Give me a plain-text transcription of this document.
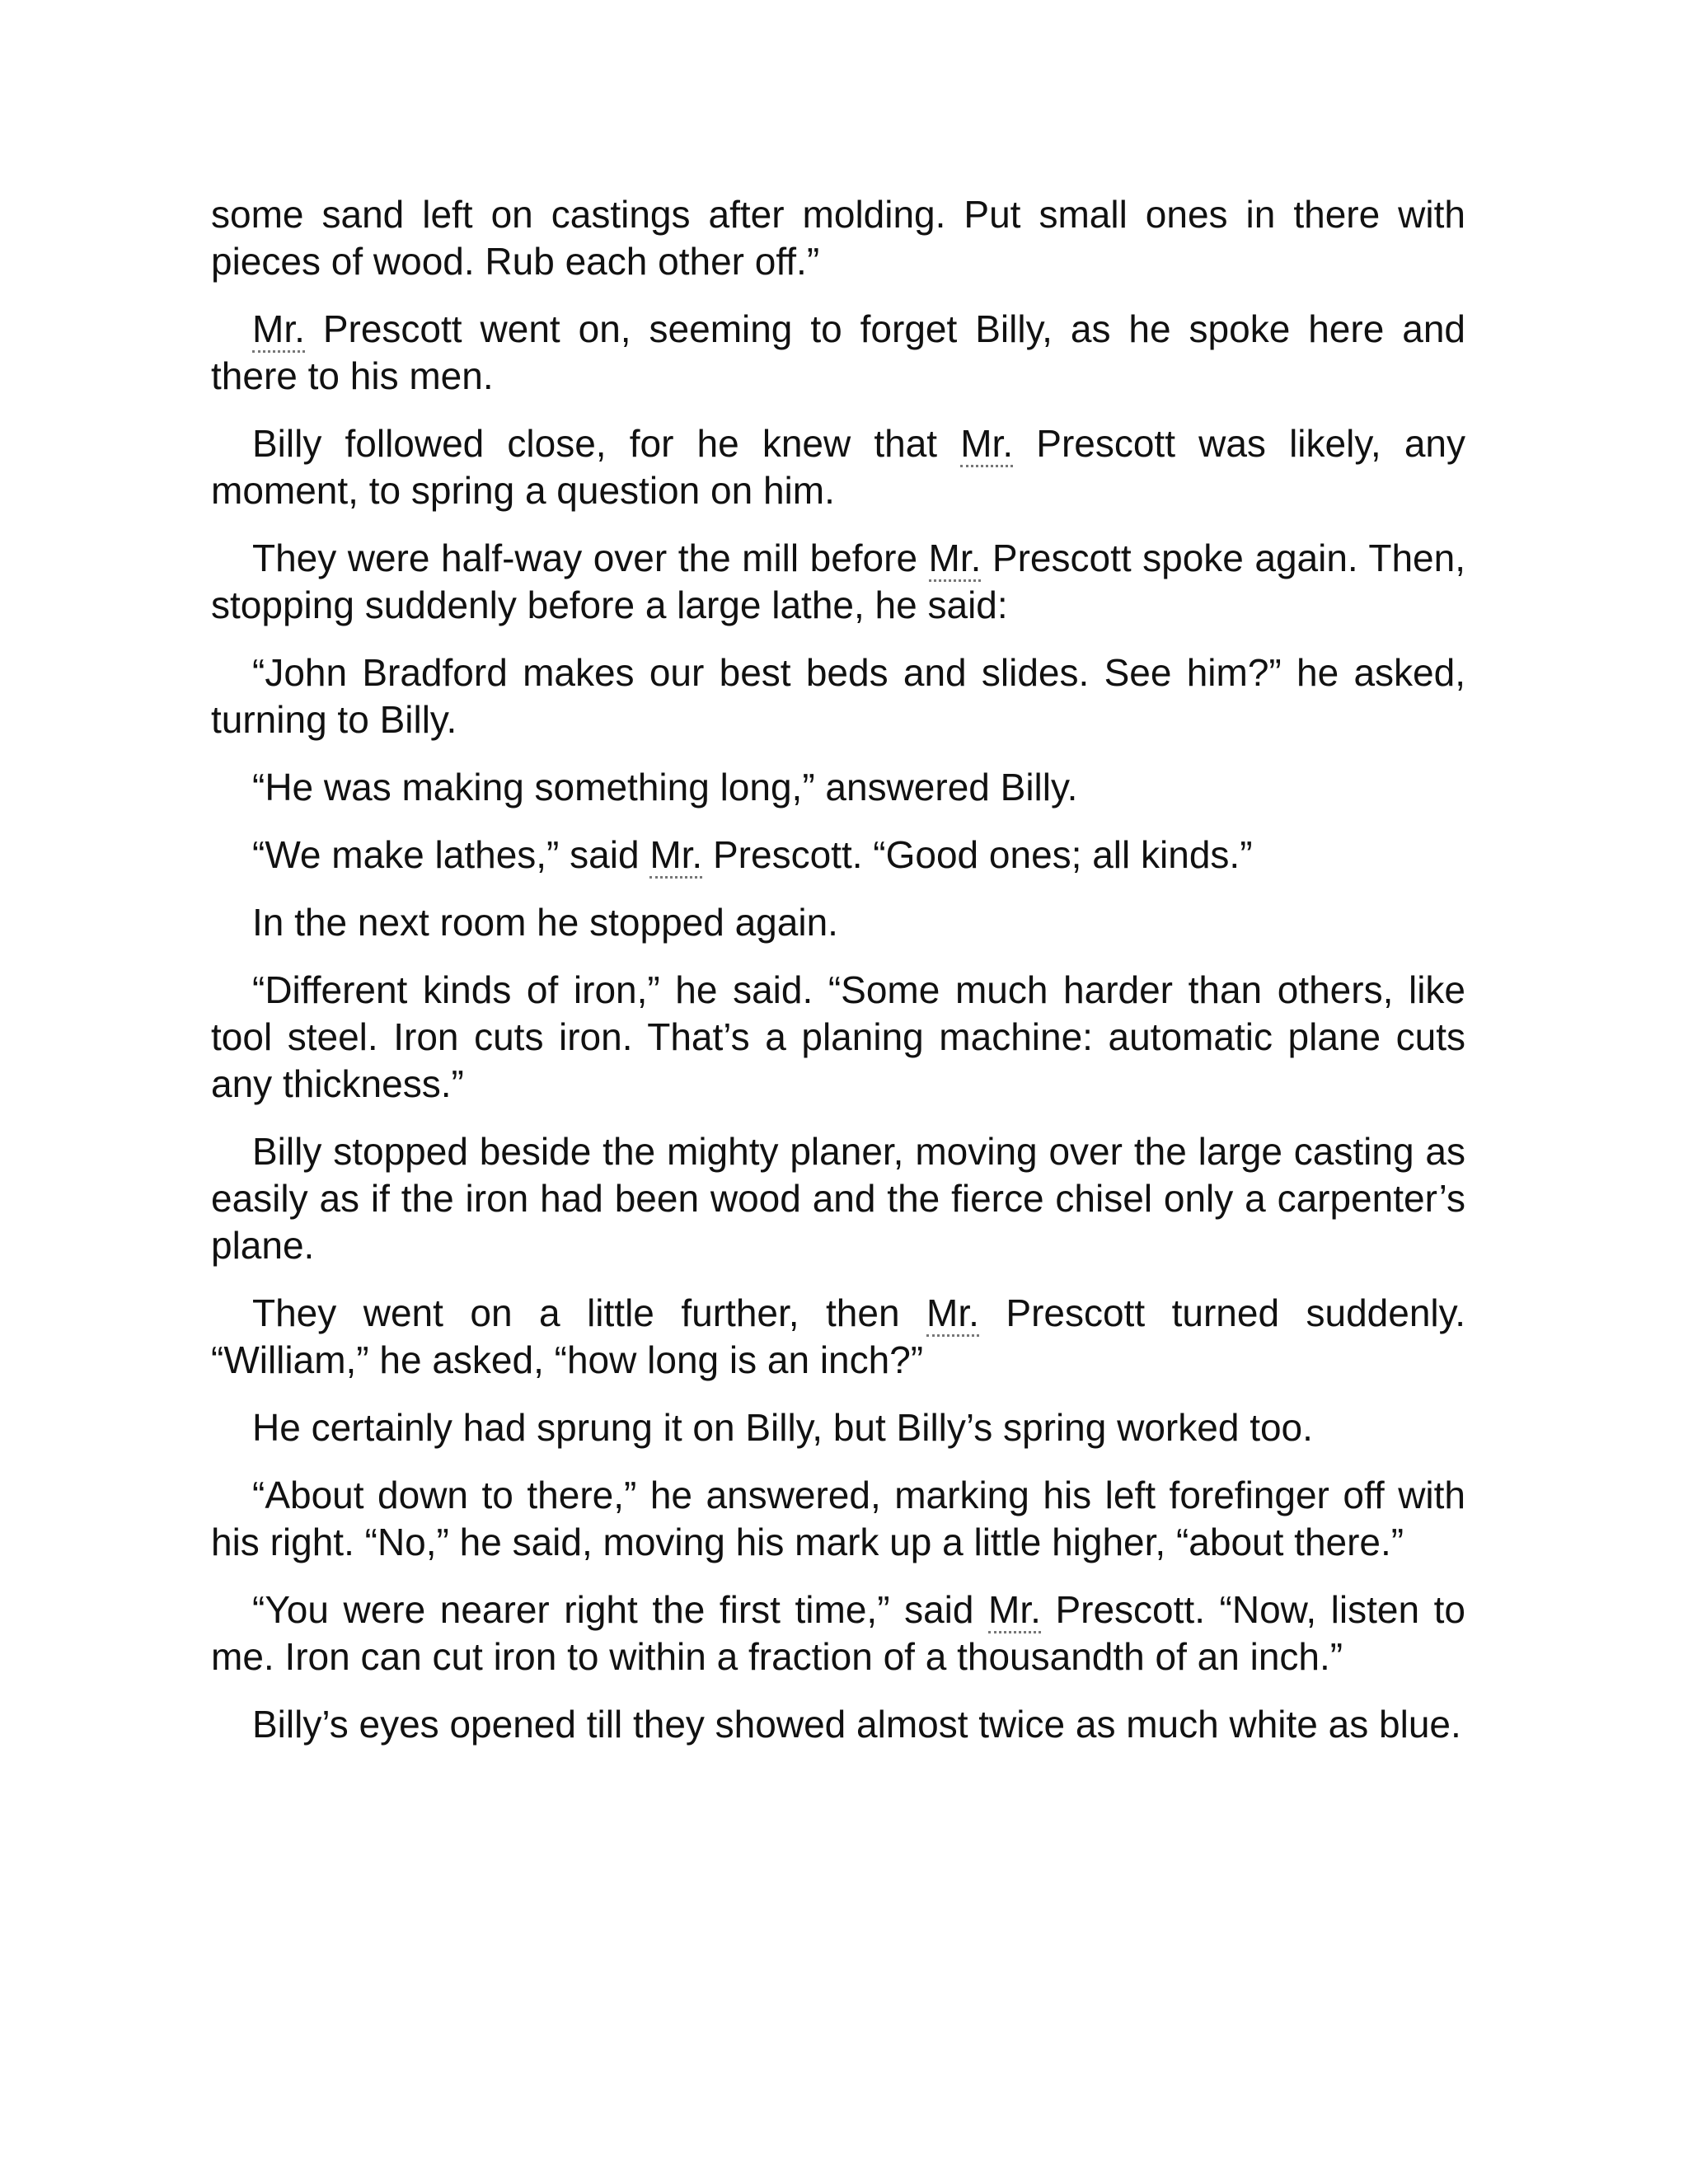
some sand left on castings after molding. Put small ones in there with pieces of wood. Rub each other off.”

Mr. Prescott went on, seeming to forget Billy, as he spoke here and there to his men.

Billy followed close, for he knew that Mr. Prescott was likely, any moment, to spring a question on him.

They were half-way over the mill before Mr. Prescott spoke again. Then, stopping suddenly before a large lathe, he said:

“John Bradford makes our best beds and slides. See him?” he asked, turning to Billy.

“He was making something long,” answered Billy.

“We make lathes,” said Mr. Prescott. “Good ones; all kinds.”

In the next room he stopped again.

“Different kinds of iron,” he said. “Some much harder than others, like tool steel. Iron cuts iron. That’s a planing machine: automatic plane cuts any thickness.”

Billy stopped beside the mighty planer, moving over the large casting as easily as if the iron had been wood and the fierce chisel only a carpenter’s plane.

They went on a little further, then Mr. Prescott turned suddenly. “William,” he asked, “how long is an inch?”

He certainly had sprung it on Billy, but Billy’s spring worked too.

“About down to there,” he answered, marking his left forefinger off with his right. “No,” he said, moving his mark up a little higher, “about there.”

“You were nearer right the first time,” said Mr. Prescott. “Now, listen to me. Iron can cut iron to within a fraction of a thousandth of an inch.”

Billy’s eyes opened till they showed almost twice as much white as blue.
